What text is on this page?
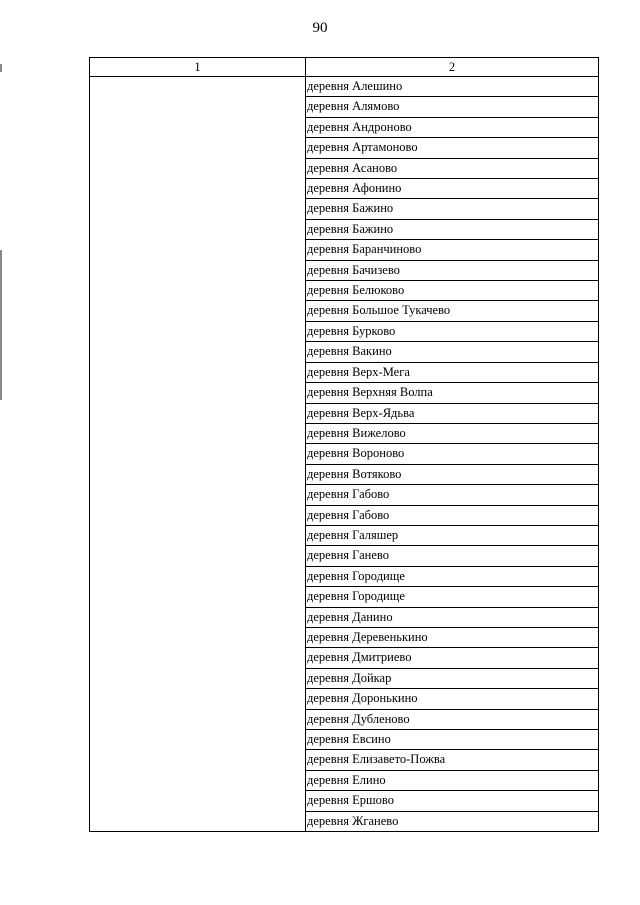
90
1	2
	деревня Алешино
	деревня Алямово
	деревня Андроново
	деревня Артамоново
	деревня Асаново
	деревня Афонино
	деревня Бажино
	деревня Бажино
	деревня Баранчиново
	деревня Бачизево
	деревня Белюково
	деревня Большое Тукачево
	деревня Бурково
	деревня Вакино
	деревня Верх-Мега
	деревня Верхняя Волпа
	деревня Верх-Ядьва
	деревня Вижелово
	деревня Вороново
	деревня Вотяково
	деревня Габово
	деревня Габово
	деревня Галяшер
	деревня Ганево
	деревня Городище
	деревня Городище
	деревня Данино
	деревня Деревенькино
	деревня Дмитриево
	деревня Дойкар
	деревня Доронькино
	деревня Дубленово
	деревня Евсино
	деревня Елизавето-Пожва
	деревня Елино
	деревня Ершово
	деревня Жганево
